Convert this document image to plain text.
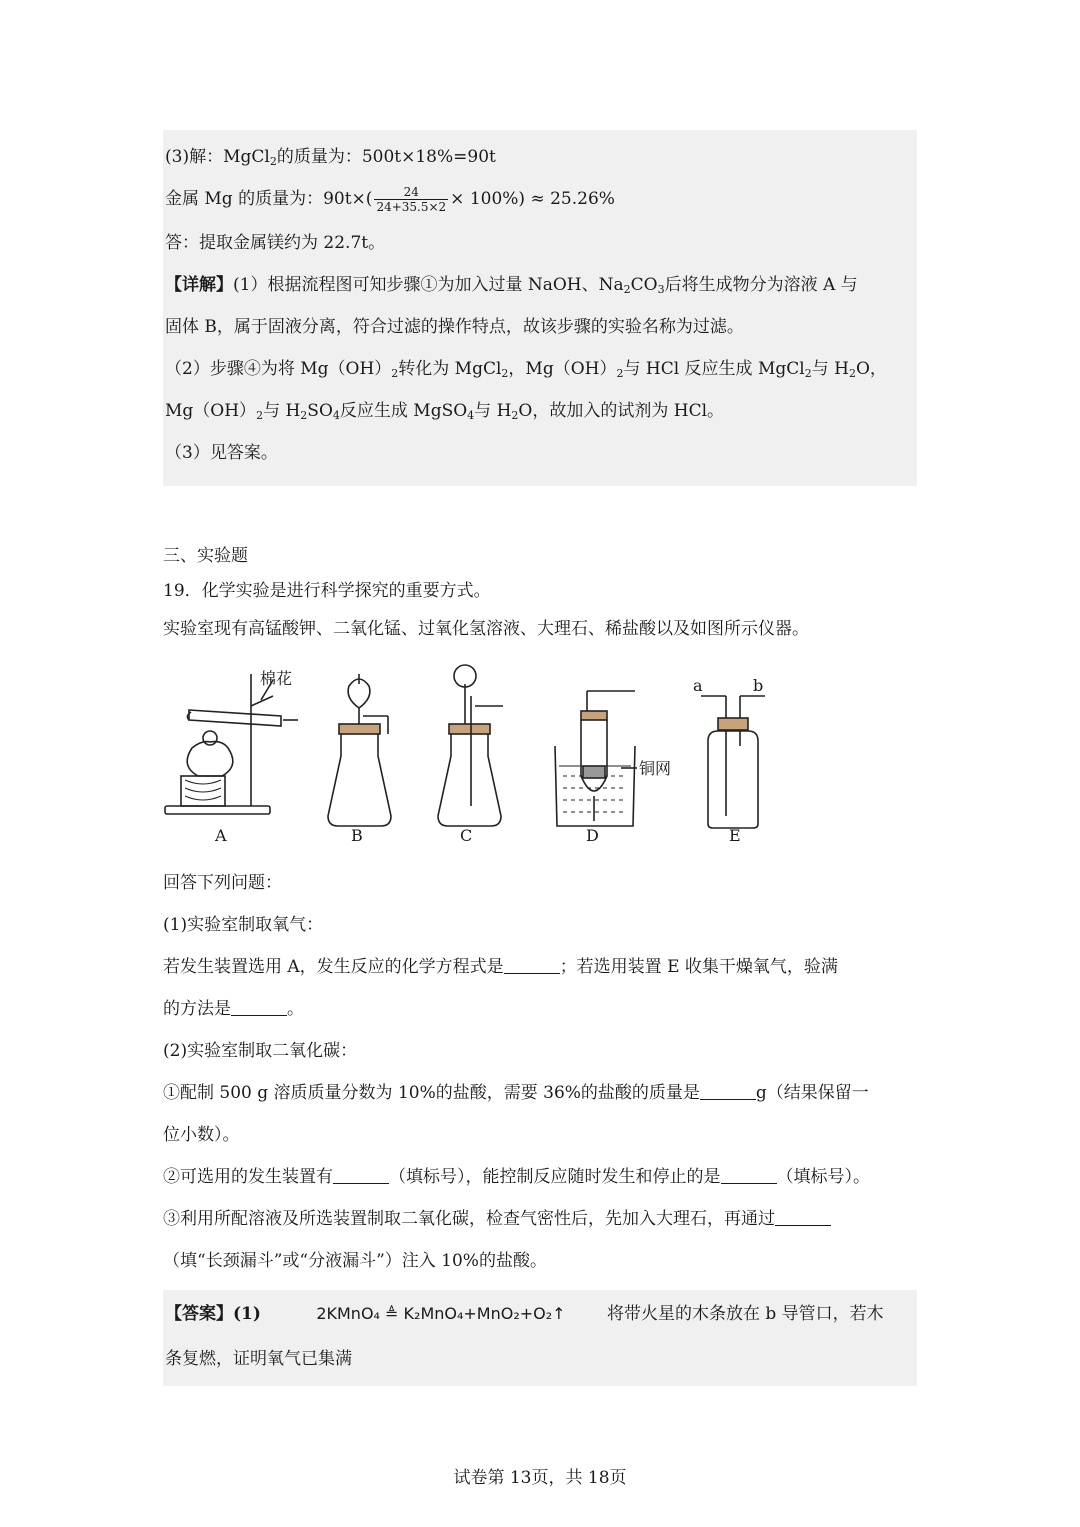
(3)解：MgCl$_2$的质量为：500t×18%=90t
金属 Mg 的质量为：$90t\times( \frac{24}{24+35.5\times 2} \times 100\%) \approx 25.26\%$
答：提取金属镁约为 22.7t。
【详解】(1）根据流程图可知步骤①为加入过量 NaOH、$Na_2CO_3$后将生成物分为溶液 A 与
固体 B，属于固液分离，符合过滤的操作特点，故该步骤的实验名称为过滤。
（2）步骤④为将 $Mg(OH)_2$转化为 MgCl$_2$，$Mg(OH)_2$与 HCl 反应生成 MgCl$_2$与 $H_2O$，
$Mg(OH)_2$与 $H_2SO_4$反应生成 MgSO$_4$与 $H_2O$，故加入的试剂为 HCl。
（3）见答案。
三、实验题
19．化学实验是进行科学探究的重要方式。
实验室现有高锰酸钾、二氧化锰、过氧化氢溶液、大理石、稀盐酸以及如图所示仪器。
棉花
铜网
a	b
A	B	C	D	E
回答下列问题：
(1)实验室制取氧气：
若发生装置选用 A，发生反应的化学方程式是	；若选用装置 E 收集干燥氧气，验满
的方法是	。
(2)实验室制取二氧化碳：
①配制 500 g 溶质质量分数为 10%的盐酸，需要 36%的盐酸的质量是	g（结果保留一
位小数）。
②可选用的发生装置有	（填标号），能控制反应随时发生和停止的是	（填标号）。
③利用所配溶液及所选装置制取二氧化碳，检查气密性后，先加入大理石，再通过
（填“长颈漏斗”或“分液漏斗”）注入 10%的盐酸。
【答案】(1)	2KMnO₄ ≜ K₂MnO₄+MnO₂+O₂↑ 将带火星的木条放在 b 导管口，若木
条复燃，证明氧气已集满
试卷第 13页，共 18页
